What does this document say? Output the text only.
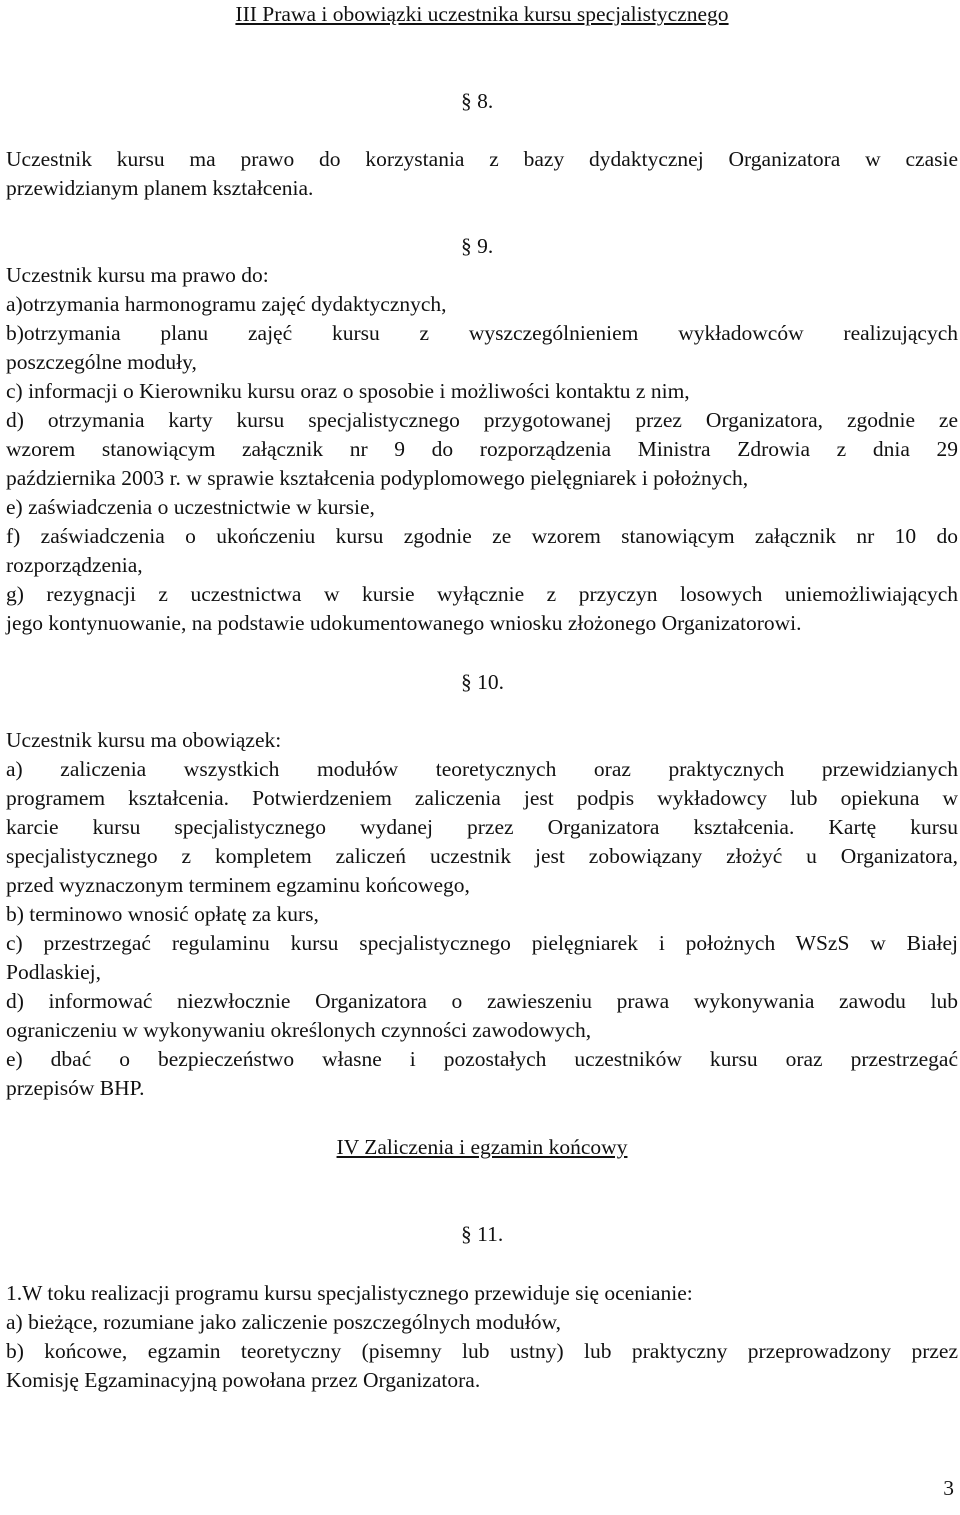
III Prawa i obowiązki uczestnika kursu specjalistycznego
§ 8.
Uczestnik kursu ma prawo do korzystania z bazy dydaktycznej Organizatora w czasie
przewidzianym planem kształcenia.
§ 9.
Uczestnik kursu ma prawo do:
a)otrzymania harmonogramu zajęć dydaktycznych,
b)otrzymania planu zajęć kursu z wyszczególnieniem wykładowców realizujących
poszczególne moduły,
c) informacji o Kierowniku kursu oraz o sposobie i możliwości kontaktu z nim,
d) otrzymania karty kursu specjalistycznego przygotowanej przez Organizatora, zgodnie ze
wzorem stanowiącym załącznik nr 9 do rozporządzenia Ministra Zdrowia z dnia 29
października 2003 r. w sprawie kształcenia podyplomowego pielęgniarek i położnych,
e) zaświadczenia o uczestnictwie w kursie,
f) zaświadczenia o ukończeniu kursu zgodnie ze wzorem stanowiącym załącznik nr 10 do
rozporządzenia,
g) rezygnacji z uczestnictwa w kursie wyłącznie z przyczyn losowych uniemożliwiających
jego kontynuowanie, na podstawie udokumentowanego wniosku złożonego Organizatorowi.
§ 10.
Uczestnik kursu ma obowiązek:
a) zaliczenia wszystkich modułów teoretycznych oraz praktycznych przewidzianych
programem kształcenia. Potwierdzeniem zaliczenia jest podpis wykładowcy lub opiekuna w
karcie kursu specjalistycznego wydanej przez Organizatora kształcenia. Kartę kursu
specjalistycznego z kompletem zaliczeń uczestnik jest zobowiązany złożyć u Organizatora,
przed wyznaczonym terminem egzaminu końcowego,
b) terminowo wnosić opłatę za kurs,
c) przestrzegać regulaminu kursu specjalistycznego pielęgniarek i położnych WSzS w Białej
Podlaskiej,
d) informować niezwłocznie Organizatora o zawieszeniu prawa wykonywania zawodu lub
ograniczeniu w wykonywaniu określonych czynności zawodowych,
e) dbać o bezpieczeństwo własne i pozostałych uczestników kursu oraz przestrzegać
przepisów BHP.
IV Zaliczenia i egzamin końcowy
§ 11.
1.W toku realizacji programu kursu specjalistycznego przewiduje się ocenianie:
a) bieżące, rozumiane jako zaliczenie poszczególnych modułów,
b) końcowe, egzamin teoretyczny (pisemny lub ustny) lub praktyczny przeprowadzony przez
Komisję Egzaminacyjną powołana przez Organizatora.
3
